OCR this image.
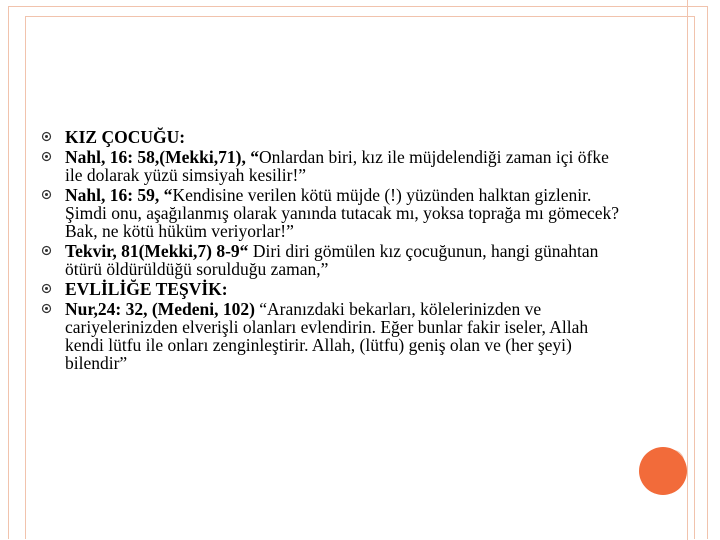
KIZ ÇOCUĞU:
Nahl, 16: 58,(Mekki,71), “Onlardan biri, kız ile müjdelendiği zaman içi öfke ile dolarak yüzü simsiyah kesilir!”
Nahl, 16: 59, “Kendisine verilen kötü müjde (!) yüzünden halktan gizlenir. Şimdi onu, aşağılanmış olarak yanında tutacak mı, yoksa toprağa mı gömecek? Bak, ne kötü hüküm veriyorlar!”
Tekvir, 81(Mekki,7) 8-9“ Diri diri gömülen kız çocuğunun, hangi günahtan ötürü öldürüldüğü sorulduğu zaman,”
EVLİLİĞE TEŞVİK:
Nur,24: 32, (Medeni, 102) “Aranızdaki bekarları, kölelerinizden ve cariyelerinizden elverişli olanları evlendirin. Eğer bunlar fakir iseler, Allah kendi lütfu ile onları zenginleştirir. Allah, (lütfu) geniş olan ve (her şeyi) bilendir”
